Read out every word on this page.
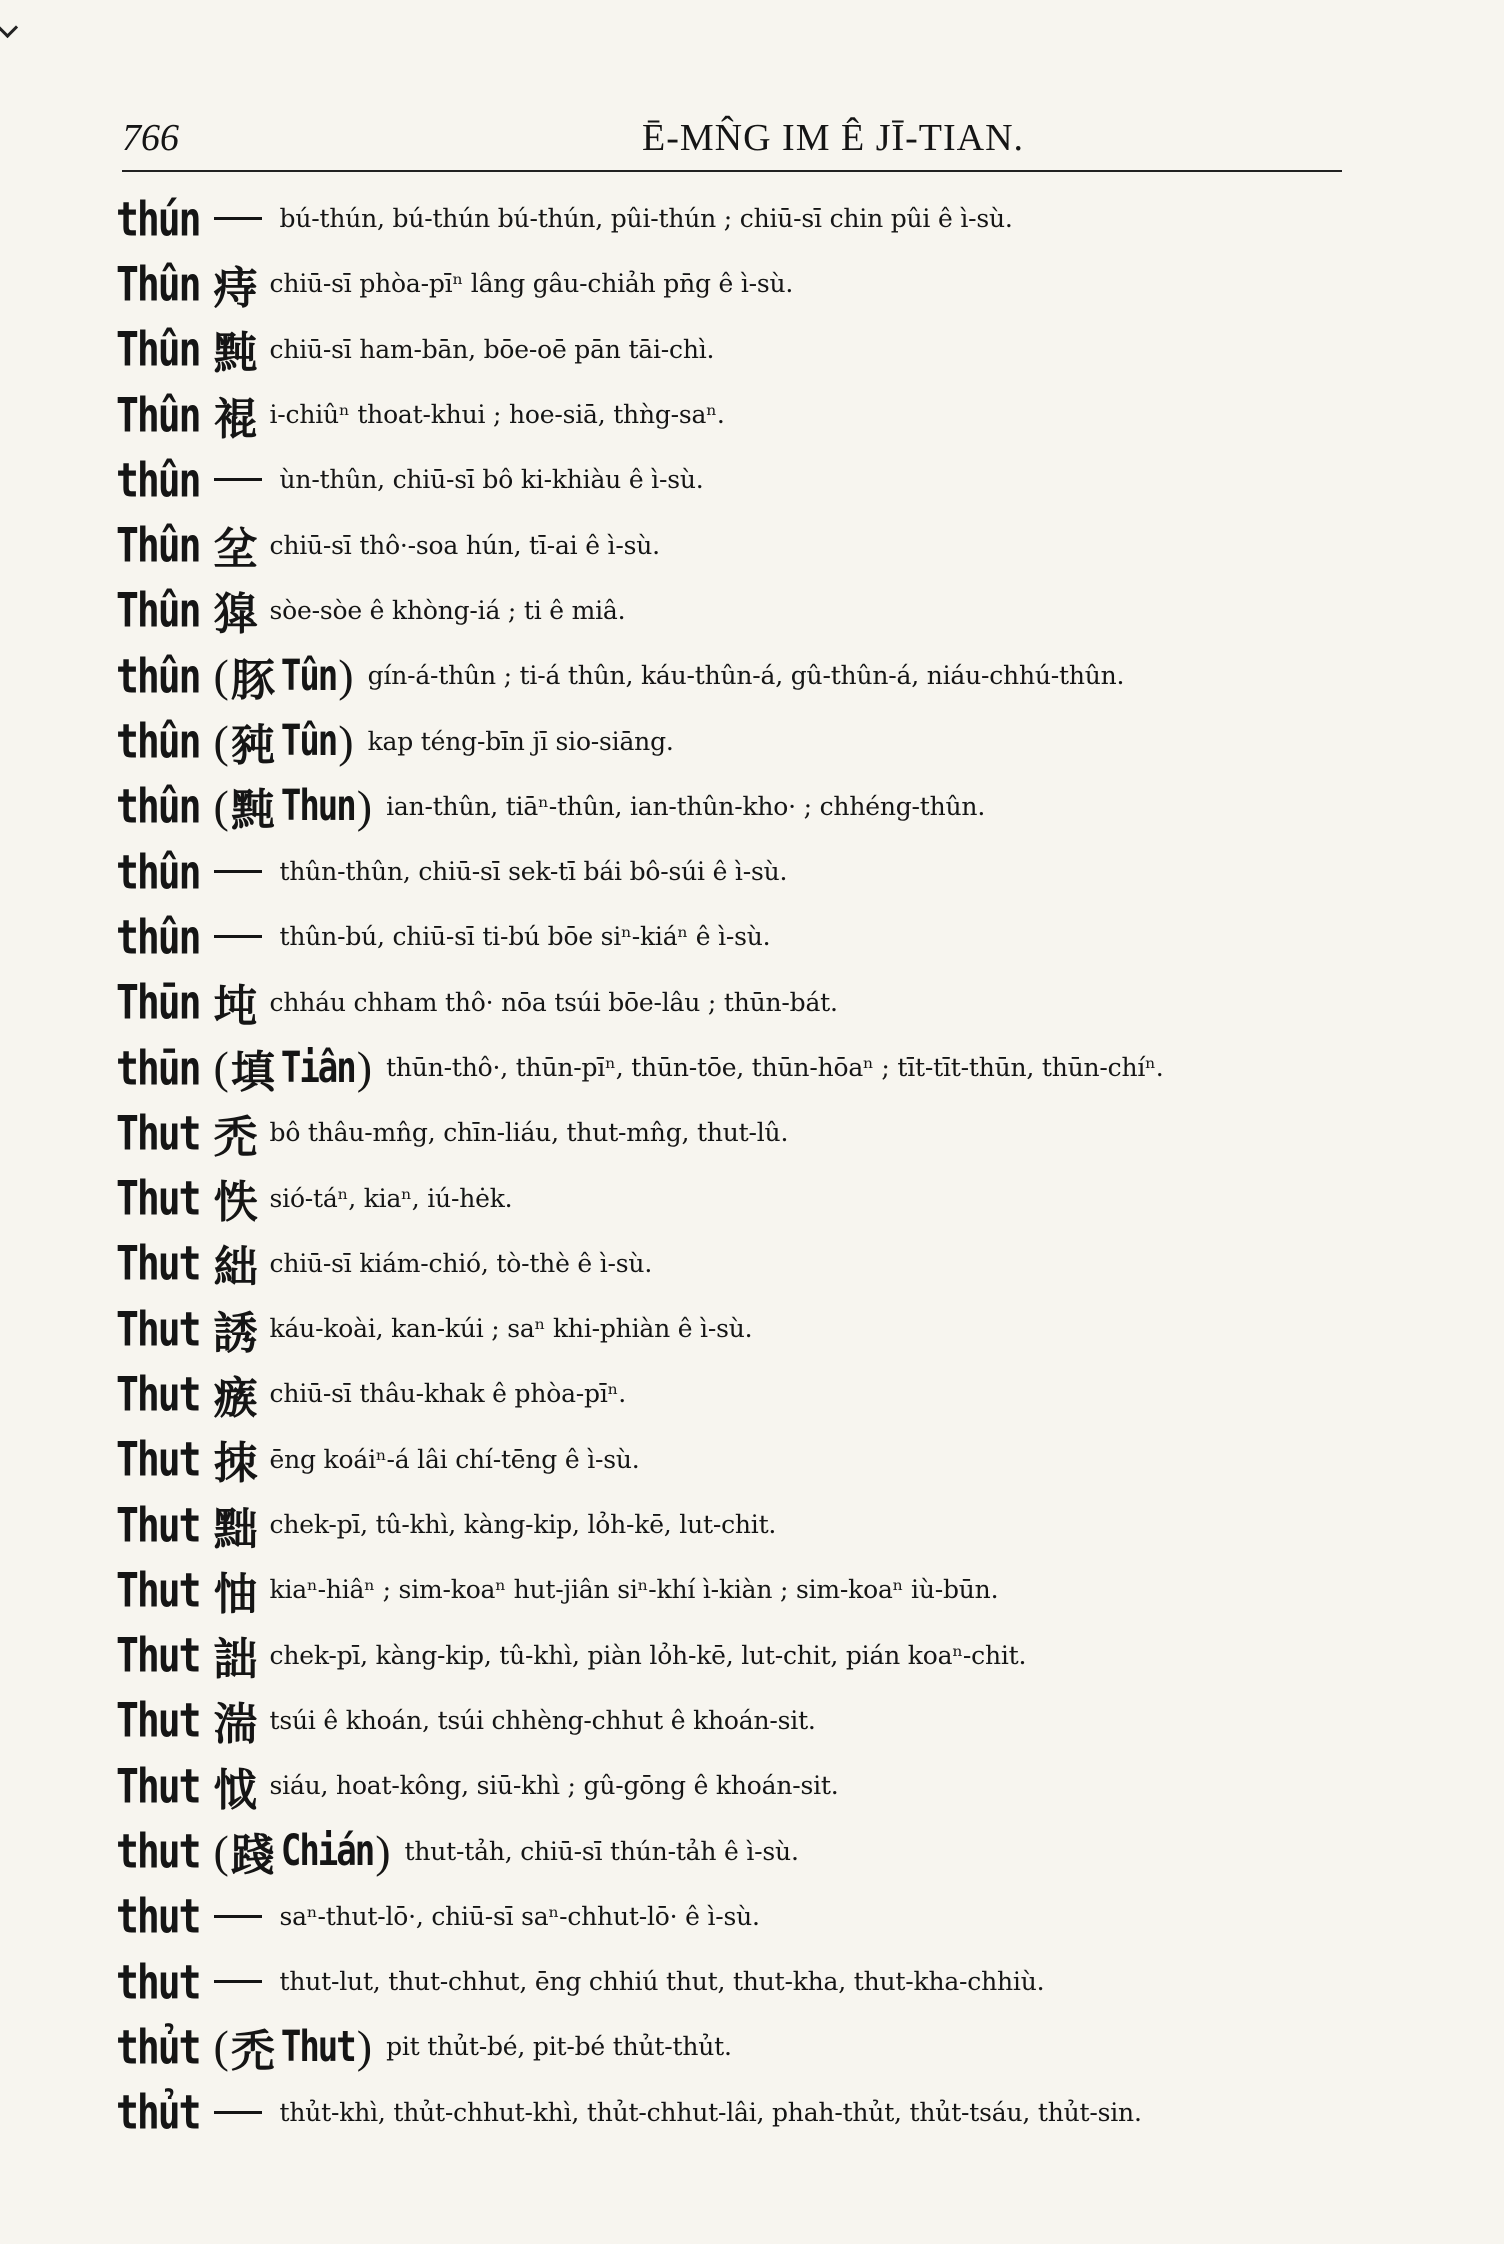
766	Ē-MN̂G IM Ê JĪ-TIAN.
thún	bú-thún, bú-thún bú-thún, pûi-thún ; chiū-sī chin pûi ê ì-sù.
Thûn 痔 chiū-sī phòa-pīⁿ lâng gâu-chiảh pn̄g ê ì-sù.
Thûn 黗 chiū-sī ham-bān, bōe-oē pān tāi-chì.
Thûn 裩 i-chiûⁿ thoat-khui ; hoe-siā, thǹg-saⁿ.
thûn	ùn-thûn, chiū-sī bô ki-khiàu ê ì-sù.
Thûn 坌 chiū-sī thô·-soa hún, tī-ai ê ì-sù.
Thûn 獔 sòe-sòe ê khòng-iá ; ti ê miâ.
thûn ( 豚 Tûn ) gín-á-thûn ; ti-á thûn, káu-thûn-á, gû-thûn-á, niáu-chhú-thûn.
thûn ( 豘 Tûn ) kap téng-bīn jī sio-siāng.
thûn ( 黗 Thun ) ian-thûn, tiāⁿ-thûn, ian-thûn-kho· ; chhéng-thûn.
thûn	thûn-thûn, chiū-sī sek-tī bái bô-súi ê ì-sù.
thûn	thûn-bú, chiū-sī ti-bú bōe siⁿ-kiáⁿ ê ì-sù.
Thūn 坉 chháu chham thô· nōa tsúi bōe-lâu ; thūn-bát.
thūn ( 填 Tiân ) thūn-thô·, thūn-pīⁿ, thūn-tōe, thūn-hōaⁿ ; tīt-tīt-thūn, thūn-chíⁿ.
Thut 禿 bô thâu-mn̂g, chīn-liáu, thut-mn̂g, thut-lû.
Thut 怢 sió-táⁿ, kiaⁿ, iú-hėk.
Thut 絀 chiū-sī kiám-chió, tò-thè ê ì-sù.
Thut 誘 káu-koài, kan-kúi ; saⁿ khi-phiàn ê ì-sù.
Thut 瘯 chiū-sī thâu-khak ê phòa-pīⁿ.
Thut 拺 ēng koáiⁿ-á lâi chí-tēng ê ì-sù.
Thut 黜 chek-pī, tû-khì, kàng-kip, lỏh-kē, lut-chit.
Thut 怞 kiaⁿ-hiâⁿ ; sim-koaⁿ hut-jiân siⁿ-khí ì-kiàn ; sim-koaⁿ iù-būn.
Thut 詘 chek-pī, kàng-kip, tû-khì, piàn lỏh-kē, lut-chit, pián koaⁿ-chit.
Thut 湍 tsúi ê khoán, tsúi chhèng-chhut ê khoán-sit.
Thut 怴 siáu, hoat-kông, siū-khì ; gû-gōng ê khoán-sit.
thut ( 踐 Chián ) thut-tảh, chiū-sī thún-tảh ê ì-sù.
thut	saⁿ-thut-lō·, chiū-sī saⁿ-chhut-lō· ê ì-sù.
thut	thut-lut, thut-chhut, ēng chhiú thut, thut-kha, thut-kha-chhiù.
thủt ( 禿 Thut ) pit thủt-bé, pit-bé thủt-thủt.
thủt	thủt-khì, thủt-chhut-khì, thủt-chhut-lâi, phah-thủt, thủt-tsáu, thủt-sin.
